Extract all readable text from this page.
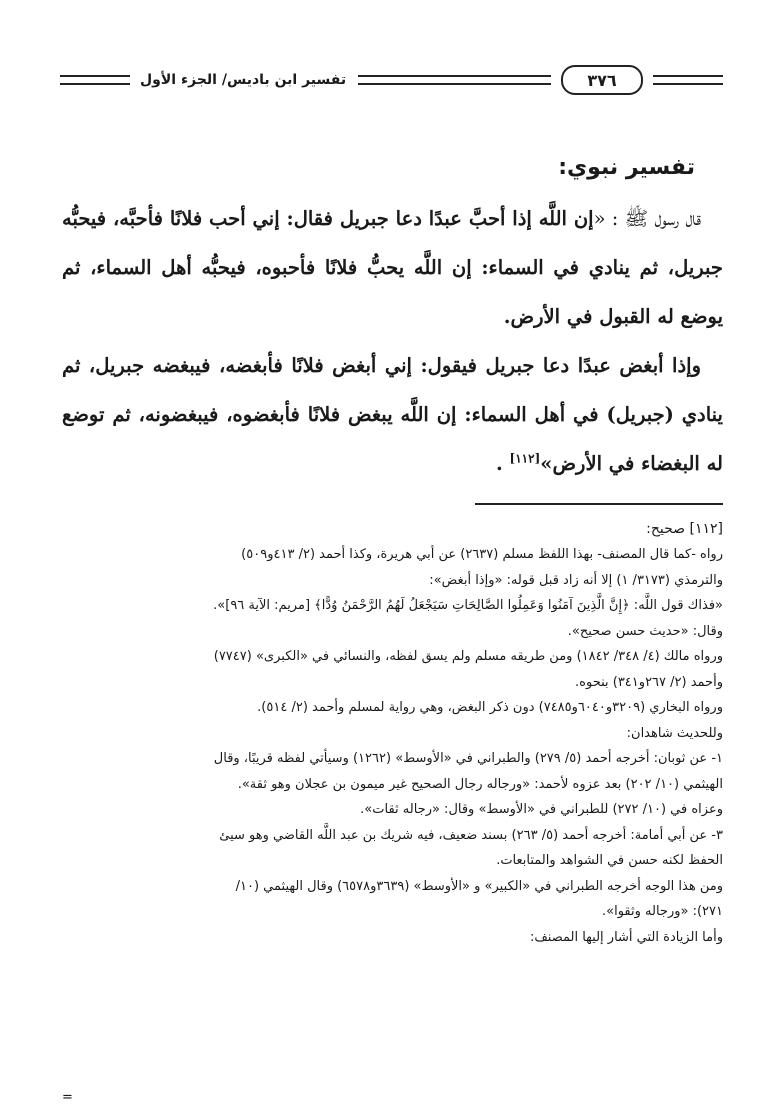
٣٧٦
تفسير ابن باديس/ الجزء الأول
تفسير نبوي:

قال رسول ﷺ : «إن اللَّه إذا أحبَّ عبدًا دعا جبريل فقال: إني أحب فلانًا فأحبَّه، فيحبُّه جبريل، ثم ينادي في السماء: إن اللَّه يحبُّ فلانًا فأحبوه، فيحبُّه أهل السماء، ثم يوضع له القبول في الأرض.

وإذا أبغض عبدًا دعا جبريل فيقول: إني أبغض فلانًا فأبغضه، فيبغضه جبريل، ثم ينادي (جبريل) في أهل السماء: إن اللَّه يبغض فلانًا فأبغضوه، فيبغضونه، ثم توضع له البغضاء في الأرض»[١١٢] .

[١١٢] صحيح:

رواه -كما قال المصنف- بهذا اللفظ مسلم (٢٦٣٧) عن أبي هريرة، وكذا أحمد (٢/ ٤١٣و٥٠٩)

والترمذي (٣١٧٣/ ١) إلا أنه زاد قبل قوله: «وإذا أبغض»:

«فذاك قول اللَّه: ﴿إِنَّ الَّذِينَ آمَنُوا وَعَمِلُوا الصَّالِحَاتِ سَيَجْعَلُ لَهُمُ الرَّحْمَنُ وُدًّا﴾ [مريم: الآية ٩٦]».

وقال: «حديث حسن صحيح».

ورواه مالك (٤/ ٣٤٨/ ١٨٤٢) ومن طريقه مسلم ولم يسق لفظه، والنسائي في «الكبرى» (٧٧٤٧)

وأحمد (٢/ ٢٦٧و٣٤١) بنحوه.

ورواه البخاري (٣٢٠٩و٦٠٤٠و٧٤٨٥) دون ذكر البغض، وهي رواية لمسلم وأحمد (٢/ ٥١٤).

وللحديث شاهدان:

١- عن ثوبان: أخرجه أحمد (٥/ ٢٧٩) والطبراني في «الأوسط» (١٢٦٢) وسيأتي لفظه قريبًا، وقال

الهيثمي (١٠/ ٢٠٢) بعد عزوه لأحمد: «ورجاله رجال الصحيح غير ميمون بن عجلان وهو ثقة».

وعزاه في (١٠/ ٢٧٢) للطبراني في «الأوسط» وقال: «رجاله ثقات».

٣- عن أبي أمامة: أخرجه أحمد (٥/ ٢٦٣) بسند ضعيف، فيه شريك بن عبد اللَّه القاضي وهو سيئ

الحفظ لكنه حسن في الشواهد والمتابعات.

ومن هذا الوجه أخرجه الطبراني في «الكبير» و «الأوسط» (٣٦٣٩و٦٥٧٨) وقال الهيثمي (١٠/

٢٧١): «ورجاله وثقوا».

وأما الزيادة التي أشار إليها المصنف:

=
